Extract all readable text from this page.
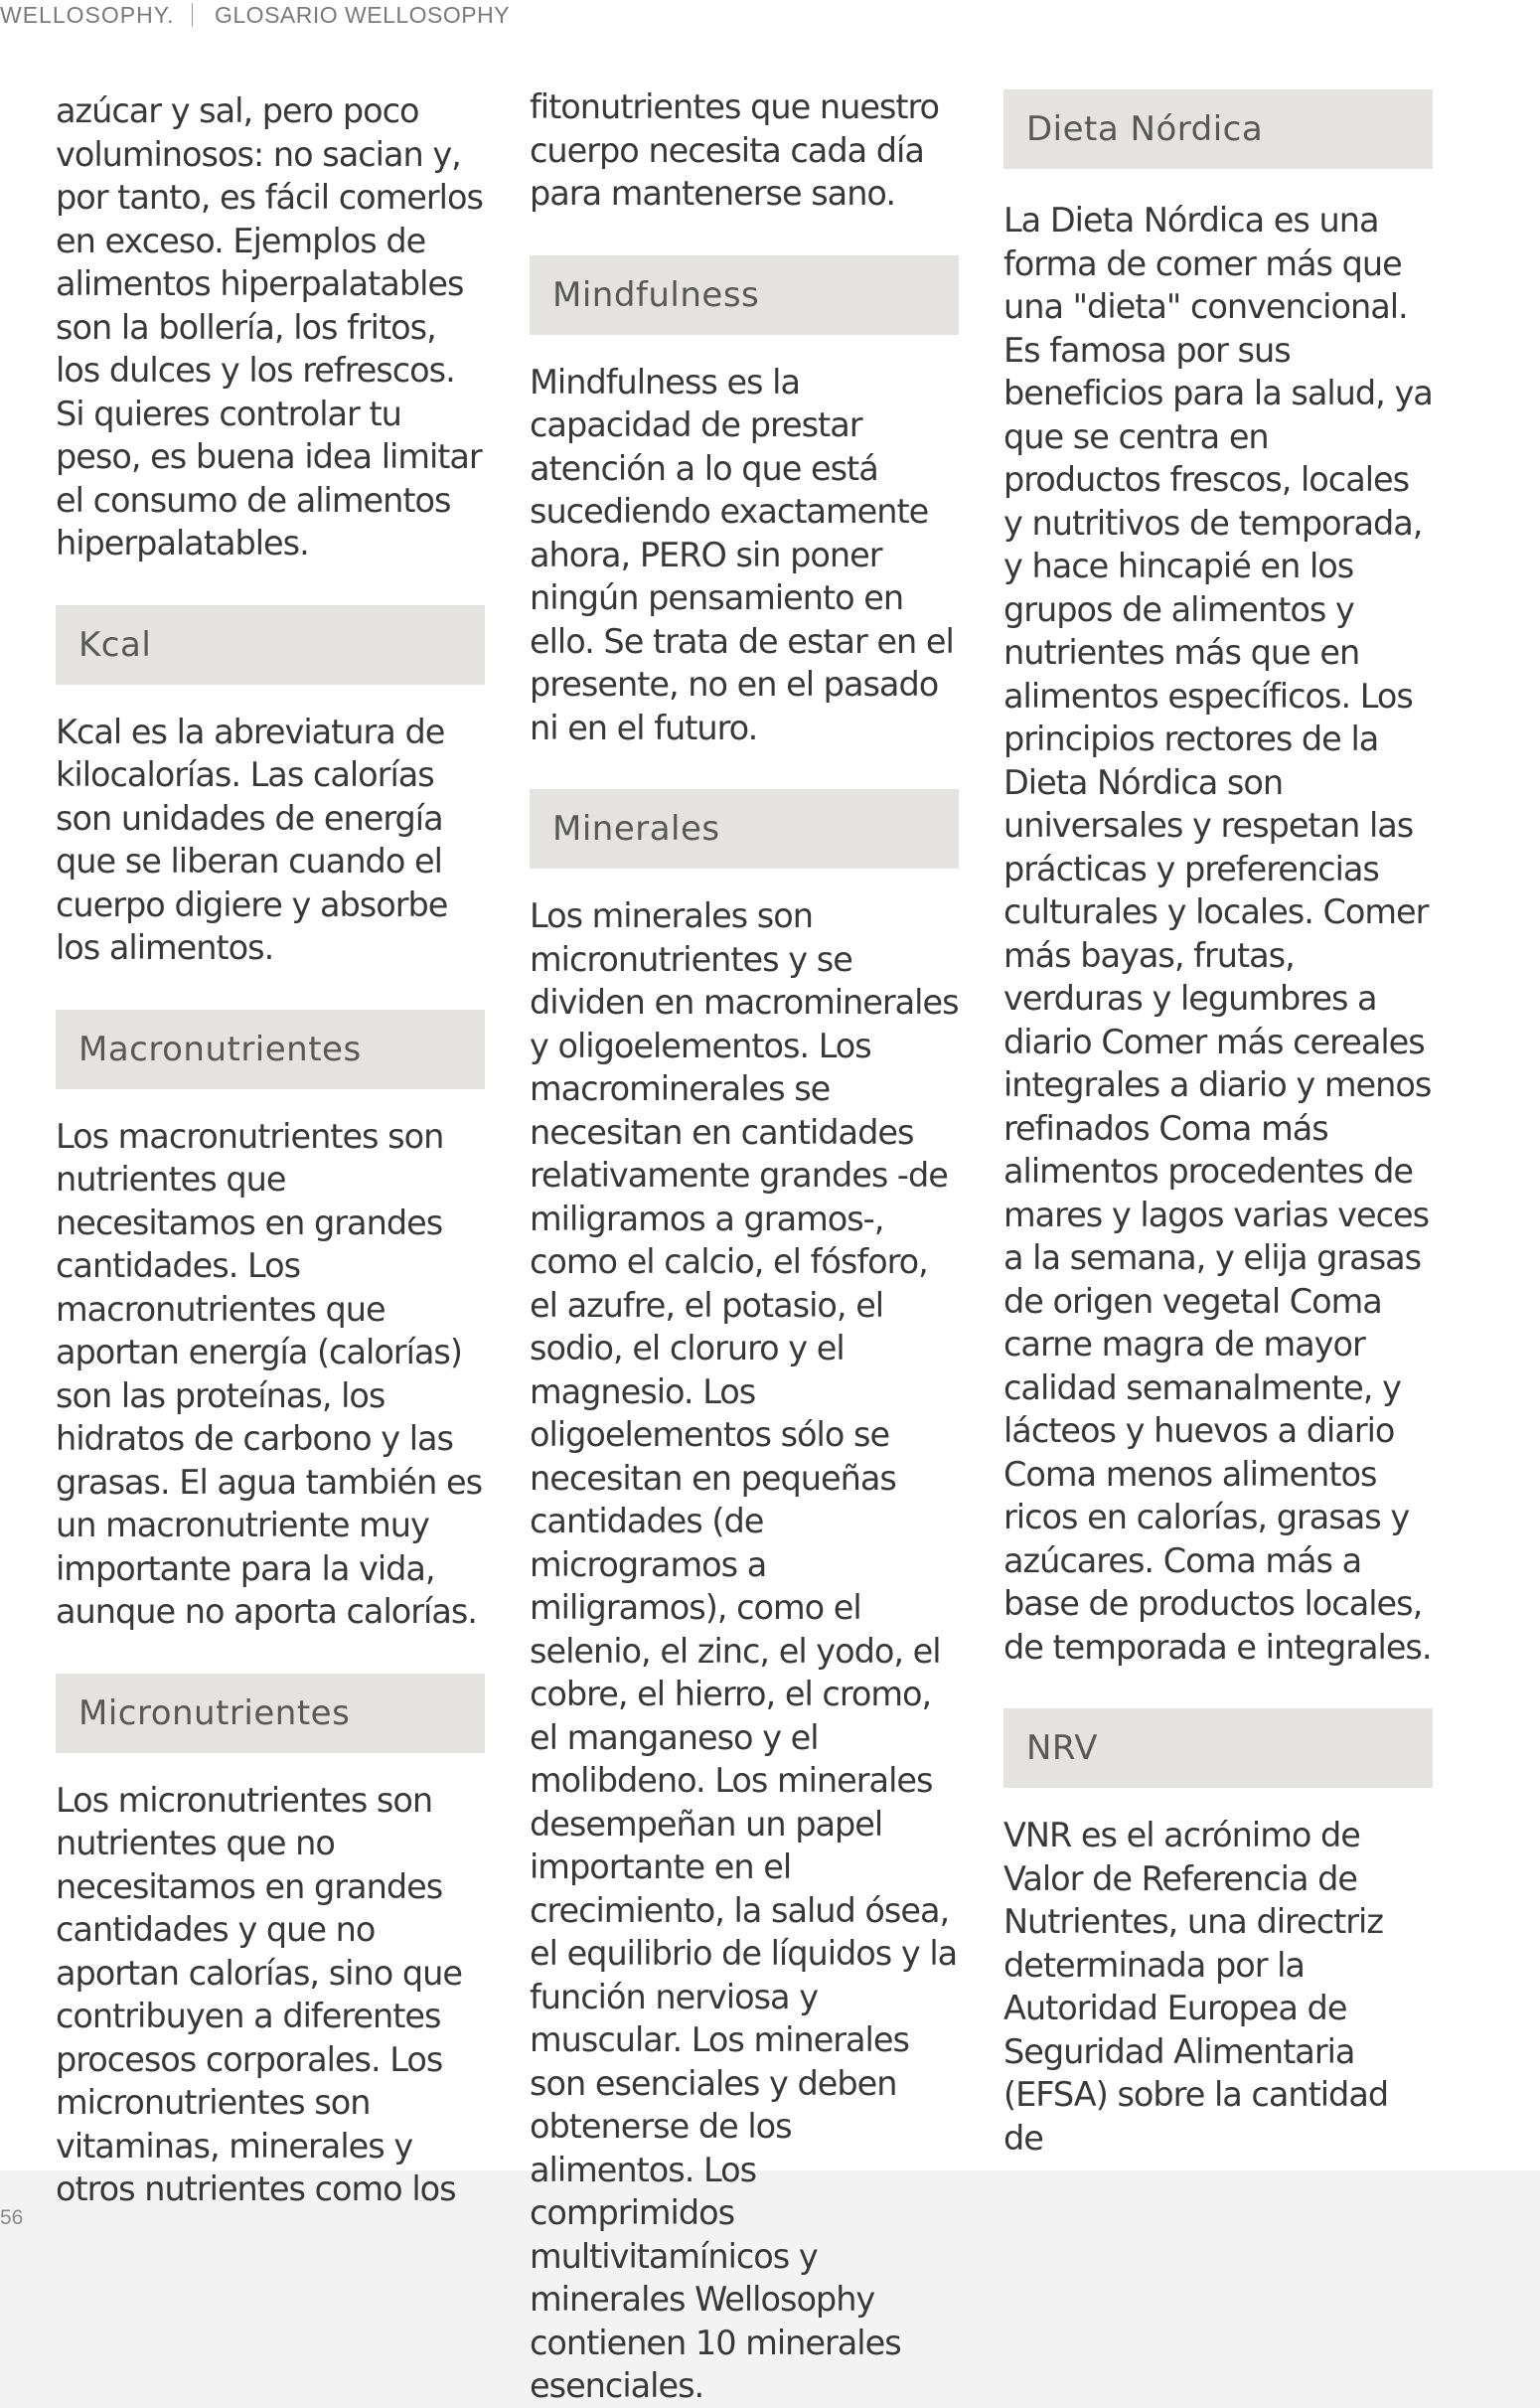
WELLOSOPHY. GLOSARIO WELLOSOPHY

azúcar y sal, pero poco voluminosos: no sacian y, por tanto, es fácil comerlos en exceso. Ejemplos de alimentos hiperpalatables son la bollería, los fritos, los dulces y los refrescos. Si quieres controlar tu peso, es buena idea limitar el consumo de alimentos hiperpalatables.

Kcal

Kcal es la abreviatura de kilocalorías. Las calorías son unidades de energía que se liberan cuando el cuerpo digiere y absorbe los alimentos.

Macronutrientes

Los macronutrientes son nutrientes que necesitamos en grandes cantidades. Los macronutrientes que aportan energía (calorías) son las proteínas, los hidratos de carbono y las grasas. El agua también es un macronutriente muy importante para la vida, aunque no aporta calorías.

Micronutrientes

Los micronutrientes son nutrientes que no necesitamos en grandes cantidades y que no aportan calorías, sino que contribuyen a diferentes procesos corporales. Los micronutrientes son vitaminas, minerales y otros nutrientes como los

fitonutrientes que nuestro cuerpo necesita cada día para mantenerse sano.

Mindfulness

Mindfulness es la capacidad de prestar atención a lo que está sucediendo exactamente ahora, PERO sin poner ningún pensamiento en ello. Se trata de estar en el presente, no en el pasado ni en el futuro.

Minerales

Los minerales son micronutrientes y se dividen en macrominerales y oligoelementos. Los macrominerales se necesitan en cantidades relativamente grandes -de miligramos a gramos-, como el calcio, el fósforo, el azufre, el potasio, el sodio, el cloruro y el magnesio. Los oligoelementos sólo se necesitan en pequeñas cantidades (de microgramos a miligramos), como el selenio, el zinc, el yodo, el cobre, el hierro, el cromo, el manganeso y el molibdeno. Los minerales desempeñan un papel importante en el crecimiento, la salud ósea, el equilibrio de líquidos y la función nerviosa y muscular. Los minerales son esenciales y deben obtenerse de los alimentos. Los comprimidos multivitamínicos y minerales Wellosophy contienen 10 minerales esenciales.

Dieta Nórdica

La Dieta Nórdica es una forma de comer más que una "dieta" convencional. Es famosa por sus beneficios para la salud, ya que se centra en productos frescos, locales y nutritivos de temporada, y hace hincapié en los grupos de alimentos y nutrientes más que en alimentos específicos. Los principios rectores de la Dieta Nórdica son universales y respetan las prácticas y preferencias culturales y locales. Comer más bayas, frutas, verduras y legumbres a diario Comer más cereales integrales a diario y menos refinados Coma más alimentos procedentes de mares y lagos varias veces a la semana, y elija grasas de origen vegetal Coma carne magra de mayor calidad semanalmente, y lácteos y huevos a diario Coma menos alimentos ricos en calorías, grasas y azúcares. Coma más a base de productos locales, de temporada e integrales.

NRV

VNR es el acrónimo de Valor de Referencia de Nutrientes, una directriz determinada por la Autoridad Europea de Seguridad Alimentaria (EFSA) sobre la cantidad de

56
